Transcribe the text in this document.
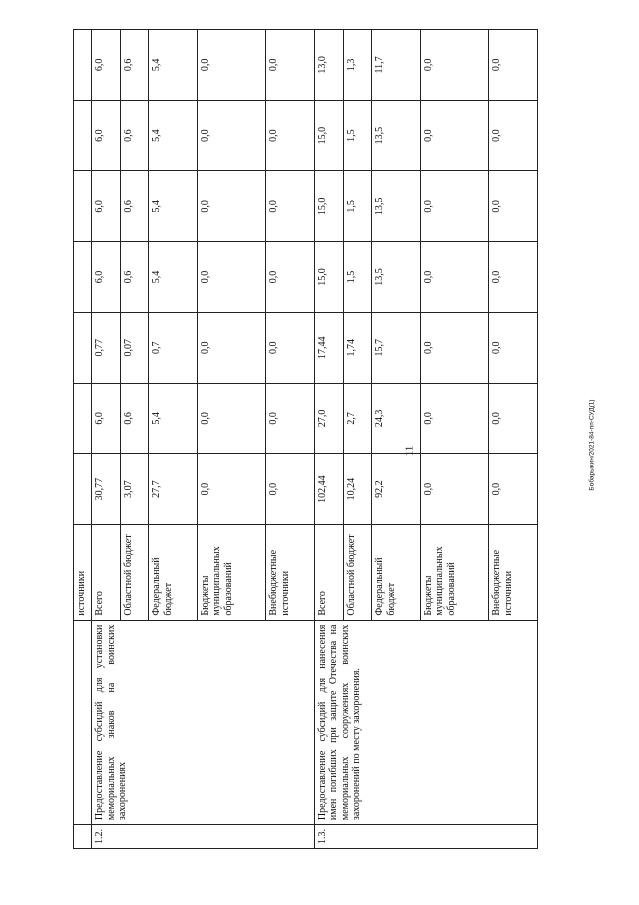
11	Бобарыкин/2021-84-пп-СУД(1)
		источники							
1.2.	Предоставление субсидий для установки мемориальных знаков на воинских захоронениях	Всего	30,77	6,0	0,77	6,0	6,0	6,0	6,0
		Областной бюджет	3,07	0,6	0,07	0,6	0,6	0,6	0,6
		Федеральный бюджет	27,7	5,4	0,7	5,4	5,4	5,4	5,4
		Бюджеты муниципальных образований	0,0	0,0	0,0	0,0	0,0	0,0	0,0
		Внебюджетные источники	0,0	0,0	0,0	0,0	0,0	0,0	0,0
1.3.	Предоставление субсидий для нанесения имен погибших при защите Отечества на мемориальных сооружениях воинских захоронений по месту захоронения.	Всего	102,44	27,0	17,44	15,0	15,0	15,0	13,0
		Областной бюджет	10,24	2,7	1,74	1,5	1,5	1,5	1,3
		Федеральный бюджет	92,2	24,3	15,7	13,5	13,5	13,5	11,7
		Бюджеты муниципальных образований	0,0	0,0	0,0	0,0	0,0	0,0	0,0
		Внебюджетные источники	0,0	0,0	0,0	0,0	0,0	0,0	0,0
